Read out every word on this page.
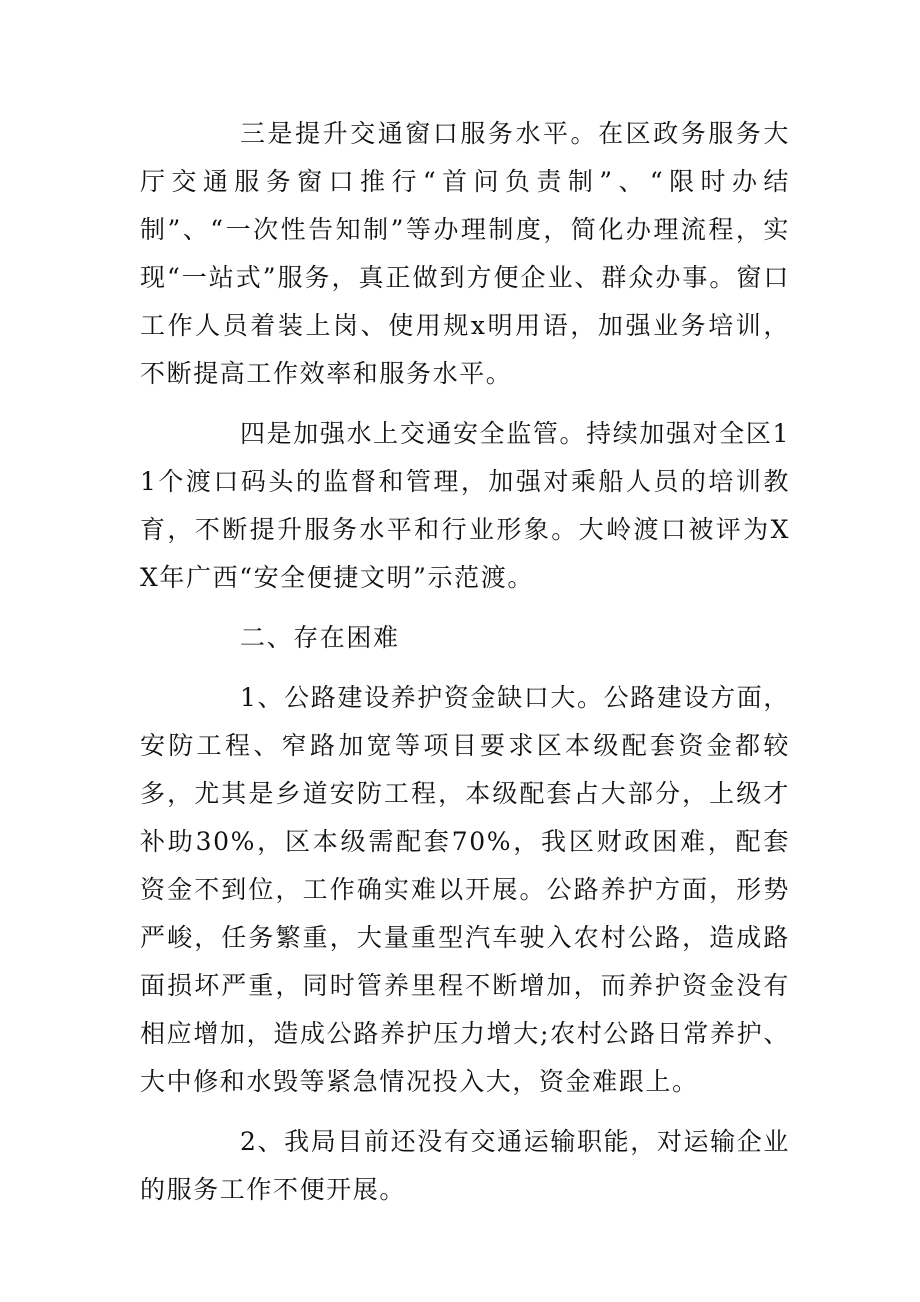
三是提升交通窗口服务水平。在区政务服务大厅交通服务窗口推行“首问负责制”、“限时办结制”、“一次性告知制”等办理制度，简化办理流程，实现“一站式”服务，真正做到方便企业、群众办事。窗口工作人员着装上岗、使用规x明用语，加强业务培训，不断提高工作效率和服务水平。

四是加强水上交通安全监管。持续加强对全区11个渡口码头的监督和管理，加强对乘船人员的培训教育，不断提升服务水平和行业形象。大岭渡口被评为XX年广西“安全便捷文明”示范渡。

二、存在困难

1、公路建设养护资金缺口大。公路建设方面，安防工程、窄路加宽等项目要求区本级配套资金都较多，尤其是乡道安防工程，本级配套占大部分，上级才补助30%，区本级需配套70%，我区财政困难，配套资金不到位，工作确实难以开展。公路养护方面，形势严峻，任务繁重，大量重型汽车驶入农村公路，造成路面损坏严重，同时管养里程不断增加，而养护资金没有相应增加，造成公路养护压力增大;农村公路日常养护、大中修和水毁等紧急情况投入大，资金难跟上。

2、我局目前还没有交通运输职能，对运输企业的服务工作不便开展。
